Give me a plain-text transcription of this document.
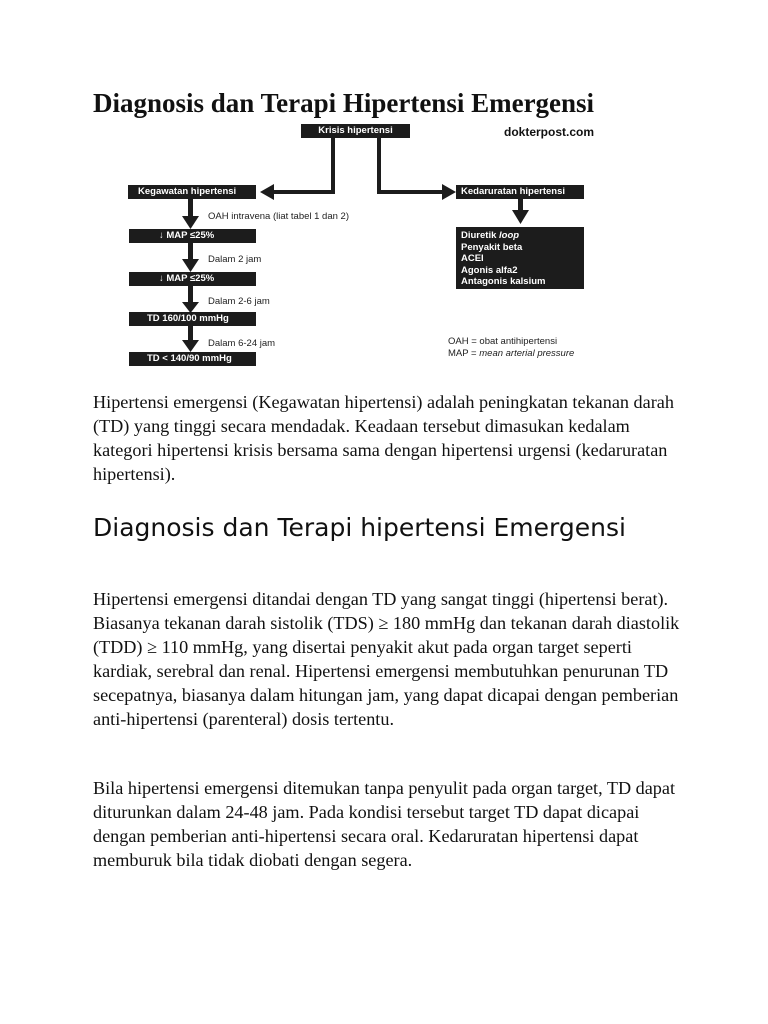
Diagnosis dan Terapi Hipertensi Emergensi
dokterpost.com
Krisis hipertensi
Kegawatan hipertensi	Kedaruratan hipertensi
OAH intravena (liat tabel 1 dan 2)
↓ MAP ≤25%
Dalam 2 jam
↓ MAP ≤25%
Dalam 2-6 jam
TD 160/100 mmHg
Dalam 6-24 jam
TD < 140/90 mmHg
Diuretik loop
Penyakit beta
ACEI
Agonis alfa2
Antagonis kalsium
OAH = obat antihipertensi
MAP = mean arterial pressure

Hipertensi emergensi (Kegawatan hipertensi) adalah peningkatan tekanan darah (TD) yang tinggi secara mendadak. Keadaan tersebut dimasukan kedalam kategori hipertensi krisis bersama sama dengan hipertensi urgensi (kedaruratan hipertensi).

Diagnosis dan Terapi hipertensi Emergensi

Hipertensi emergensi ditandai dengan TD yang sangat tinggi (hipertensi berat). Biasanya tekanan darah sistolik (TDS) ≥ 180 mmHg dan tekanan darah diastolik (TDD) ≥ 110 mmHg, yang disertai penyakit akut pada organ target seperti kardiak, serebral dan renal. Hipertensi emergensi membutuhkan penurunan TD secepatnya, biasanya dalam hitungan jam, yang dapat dicapai dengan pemberian anti-hipertensi (parenteral) dosis tertentu.

Bila hipertensi emergensi ditemukan tanpa penyulit pada organ target, TD dapat diturunkan dalam 24-48 jam. Pada kondisi tersebut target TD dapat dicapai dengan pemberian anti-hipertensi secara oral. Kedaruratan hipertensi dapat memburuk bila tidak diobati dengan segera.
